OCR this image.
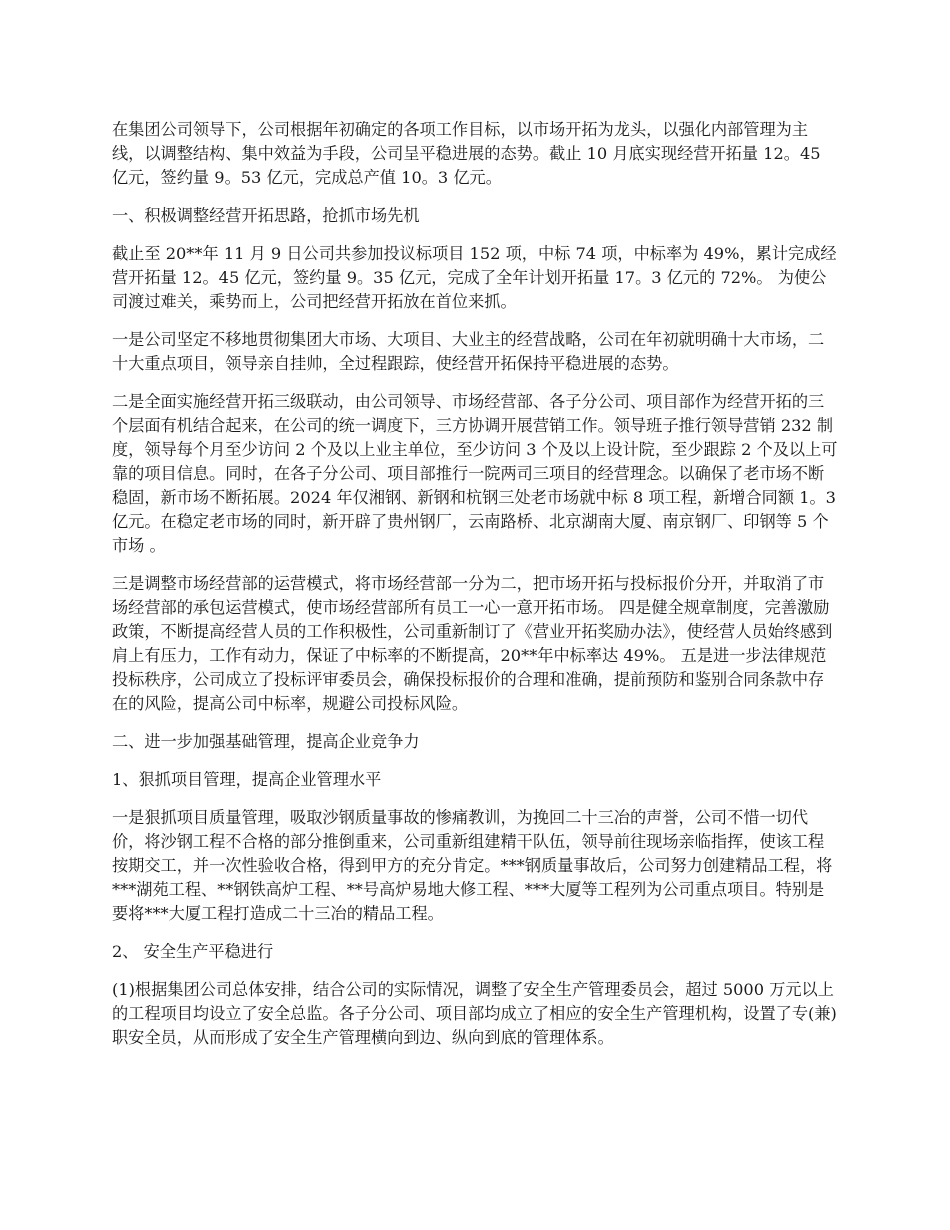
在集团公司领导下，公司根据年初确定的各项工作目标，以市场开拓为龙头，以强化内部管理为主线，以调整结构、集中效益为手段，公司呈平稳进展的态势。截止 10 月底实现经营开拓量 12。45 亿元，签约量 9。53 亿元，完成总产值 10。3 亿元。

一、积极调整经营开拓思路，抢抓市场先机

截止至 20**年 11 月 9 日公司共参加投议标项目 152 项，中标 74 项，中标率为 49%，累计完成经营开拓量 12。45 亿元，签约量 9。35 亿元，完成了全年计划开拓量 17。3 亿元的 72%。 为使公司渡过难关，乘势而上，公司把经营开拓放在首位来抓。

一是公司坚定不移地贯彻集团大市场、大项目、大业主的经营战略，公司在年初就明确十大市场，二十大重点项目，领导亲自挂帅，全过程跟踪，使经营开拓保持平稳进展的态势。

二是全面实施经营开拓三级联动，由公司领导、市场经营部、各子分公司、项目部作为经营开拓的三个层面有机结合起来，在公司的统一调度下，三方协调开展营销工作。领导班子推行领导营销 232 制度，领导每个月至少访问 2 个及以上业主单位，至少访问 3 个及以上设计院，至少跟踪 2 个及以上可靠的项目信息。同时，在各子分公司、项目部推行一院两司三项目的经营理念。以确保了老市场不断稳固，新市场不断拓展。2024 年仅湘钢、新钢和杭钢三处老市场就中标 8 项工程，新增合同额 1。3 亿元。在稳定老市场的同时，新开辟了贵州钢厂，云南路桥、北京湖南大厦、南京钢厂、印钢等 5 个市场 。

三是调整市场经营部的运营模式，将市场经营部一分为二，把市场开拓与投标报价分开，并取消了市场经营部的承包运营模式，使市场经营部所有员工一心一意开拓市场。 四是健全规章制度，完善激励政策，不断提高经营人员的工作积极性，公司重新制订了《营业开拓奖励办法》，使经营人员始终感到肩上有压力，工作有动力，保证了中标率的不断提高，20**年中标率达 49%。 五是进一步法律规范投标秩序，公司成立了投标评审委员会，确保投标报价的合理和准确，提前预防和鉴别合同条款中存在的风险，提高公司中标率，规避公司投标风险。

二、进一步加强基础管理，提高企业竞争力

1、狠抓项目管理，提高企业管理水平

一是狠抓项目质量管理，吸取沙钢质量事故的惨痛教训，为挽回二十三冶的声誉，公司不惜一切代价，将沙钢工程不合格的部分推倒重来，公司重新组建精干队伍，领导前往现场亲临指挥，使该工程按期交工，并一次性验收合格，得到甲方的充分肯定。***钢质量事故后，公司努力创建精品工程，将***湖苑工程、**钢铁高炉工程、**号高炉易地大修工程、***大厦等工程列为公司重点项目。特别是要将***大厦工程打造成二十三冶的精品工程。

2、 安全生产平稳进行

(1)根据集团公司总体安排，结合公司的实际情况，调整了安全生产管理委员会，超过 5000 万元以上的工程项目均设立了安全总监。各子分公司、项目部均成立了相应的安全生产管理机构，设置了专(兼)职安全员，从而形成了安全生产管理横向到边、纵向到底的管理体系。
